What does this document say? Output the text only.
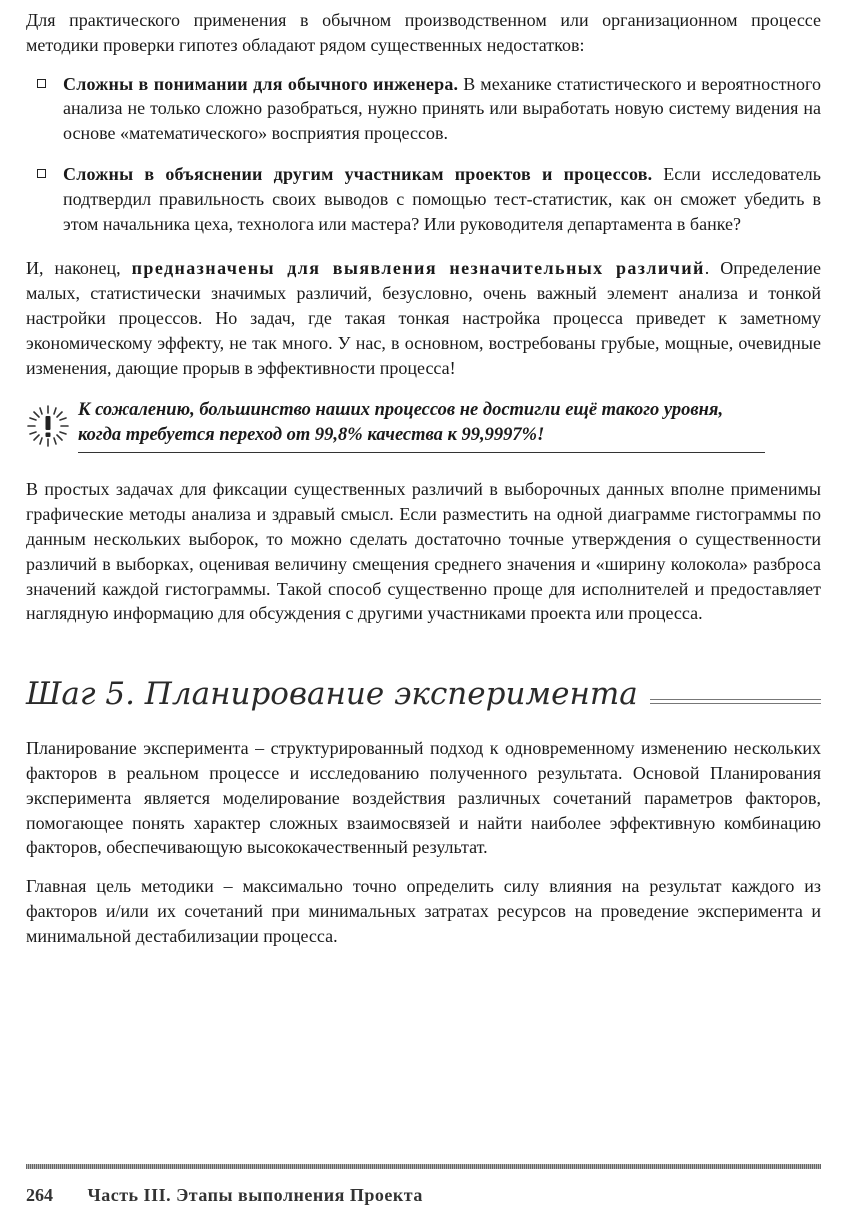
Для практического применения в обычном производственном или организационном процессе методики проверки гипотез обладают рядом существенных недостатков:

Сложны в понимании для обычного инженера. В механике статистического и вероятностного анализа не только сложно разобраться, нужно принять или выработать новую систему видения на основе «математического» восприятия процессов.

Сложны в объяснении другим участникам проектов и процессов. Если исследователь подтвердил правильность своих выводов с помощью тест-статистик, как он сможет убедить в этом начальника цеха, технолога или мастера? Или руководителя департамента в банке?

И, наконец, предназначены для выявления незначительных различий. Определение малых, статистически значимых различий, безусловно, очень важный элемент анализа и тонкой настройки процессов. Но задач, где такая тонкая настройка процесса приведет к заметному экономическому эффекту, не так много. У нас, в основном, востребованы грубые, мощные, очевидные изменения, дающие прорыв в эффективности процесса!

К сожалению, большинство наших процессов не достигли ещё такого уровня, когда требуется переход от 99,8% качества к 99,9997%!

В простых задачах для фиксации существенных различий в выборочных данных вполне применимы графические методы анализа и здравый смысл. Если разместить на одной диаграмме гистограммы по данным нескольких выборок, то можно сделать достаточно точные утверждения о существенности различий в выборках, оценивая величину смещения среднего значения и «ширину колокола» разброса значений каждой гистограммы. Такой способ существенно проще для исполнителей и предоставляет наглядную информацию для обсуждения с другими участниками проекта или процесса.

Шаг 5. Планирование эксперимента

Планирование эксперимента – структурированный подход к одновременному изменению нескольких факторов в реальном процессе и исследованию полученного результата. Основой Планирования эксперимента является моделирование воздействия различных сочетаний параметров факторов, помогающее понять характер сложных взаимосвязей и найти наиболее эффективную комбинацию факторов, обеспечивающую высококачественный результат.

Главная цель методики – максимально точно определить силу влияния на результат каждого из факторов и/или их сочетаний при минимальных затратах ресурсов на проведение эксперимента и минимальной дестабилизации процесса.

264 Часть III. Этапы выполнения Проекта
